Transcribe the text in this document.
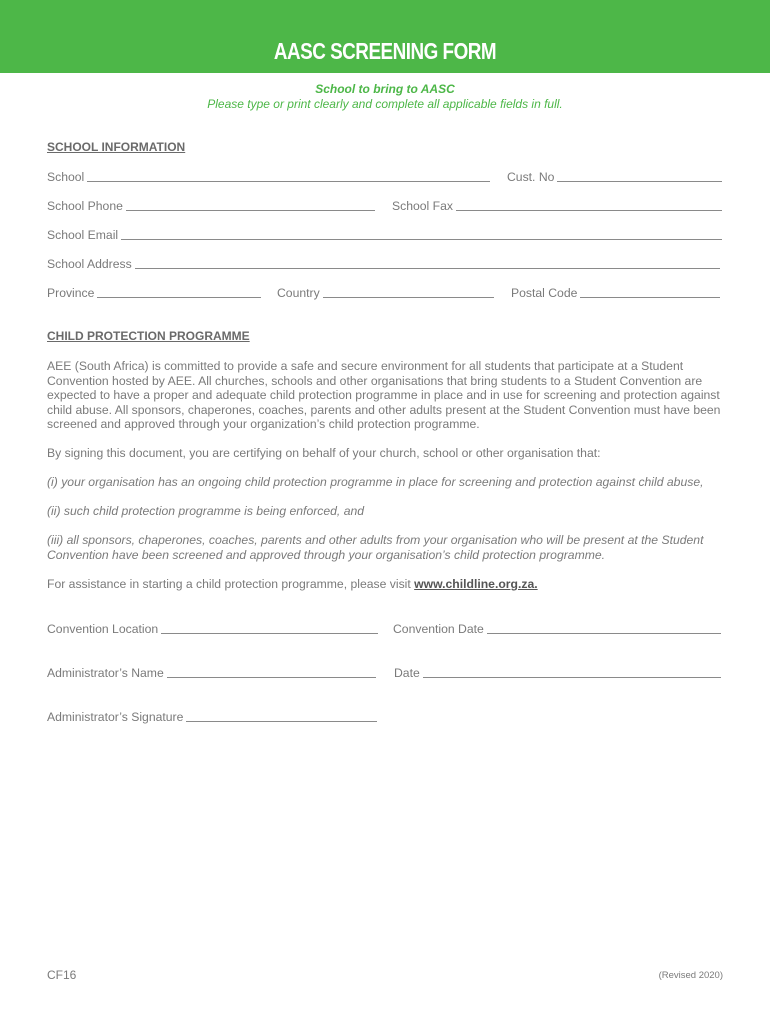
AASC SCREENING FORM
School to bring to AASC
Please type or print clearly and complete all applicable fields in full.
SCHOOL INFORMATION
School	Cust. No
School Phone	School Fax
School Email
School Address
Province	Country	Postal Code
CHILD PROTECTION PROGRAMME
AEE (South Africa) is committed to provide a safe and secure environment for all students that participate at a Student Convention hosted by AEE. All churches, schools and other organisations that bring students to a Student Convention are expected to have a proper and adequate child protection programme in place and in use for screening and protection against child abuse. All sponsors, chaperones, coaches, parents and other adults present at the Student Convention must have been screened and approved through your organization’s child protection programme.
By signing this document, you are certifying on behalf of your church, school or other organisation that:
(i) your organisation has an ongoing child protection programme in place for screening and protection against child abuse,
(ii) such child protection programme is being enforced, and
(iii) all sponsors, chaperones, coaches, parents and other adults from your organisation who will be present at the Student Convention have been screened and approved through your organisation’s child protection programme.
For assistance in starting a child protection programme, please visit www.childline.org.za.
Convention Location	Convention Date
Administrator’s Name	Date
Administrator’s Signature
CF16	(Revised 2020)
